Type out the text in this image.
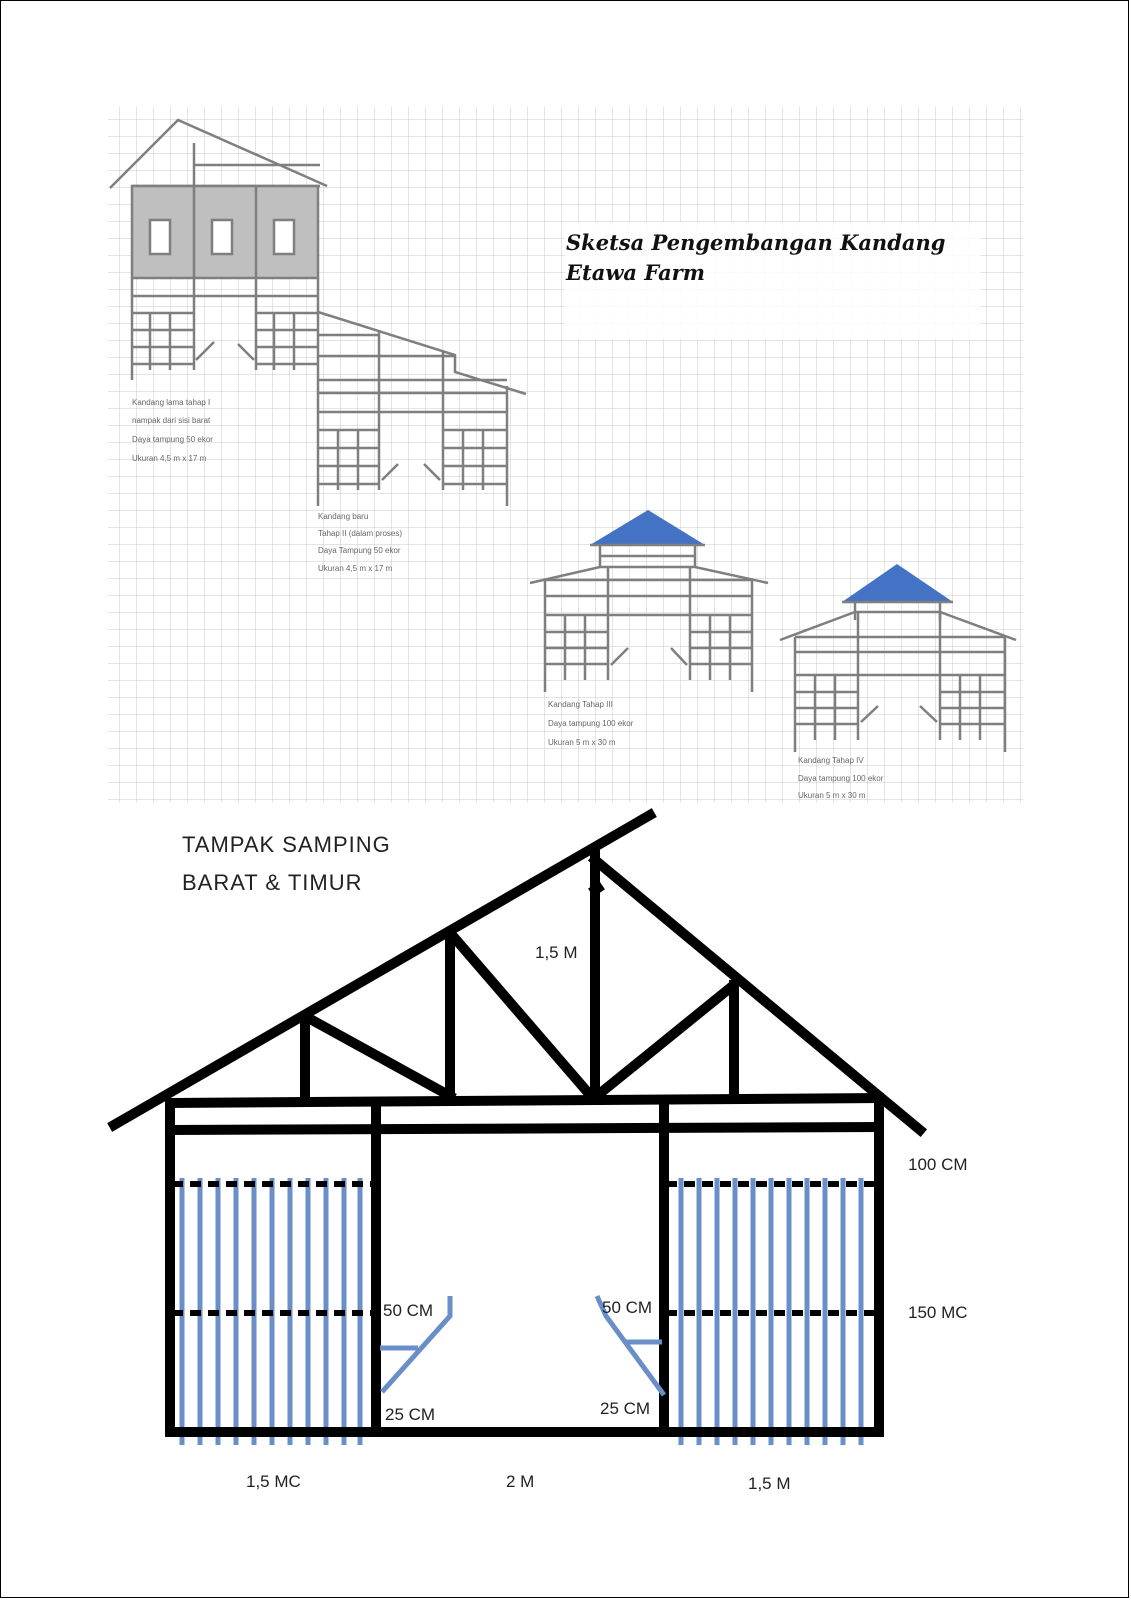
Sketsa Pengembangan Kandang
Etawa Farm
Kandang lama tahap I
nampak dari sisi barat
Daya tampung 50 ekor
Ukuran 4,5 m x 17 m
Kandang baru
Tahap II (dalam proses)
Daya Tampung 50 ekor
Ukuran 4,5 m x 17 m
Kandang Tahap III
Daya tampung 100 ekor
Ukuran 5 m x 30 m
Kandang Tahap IV
Daya tampung 100 ekor
Ukuran 5 m x 30 m
TAMPAK SAMPING
BARAT & TIMUR
1,5 M
100 CM
150 MC
50 CM	50 CM
25 CM	25 CM
1,5 MC	2 M	1,5 M
